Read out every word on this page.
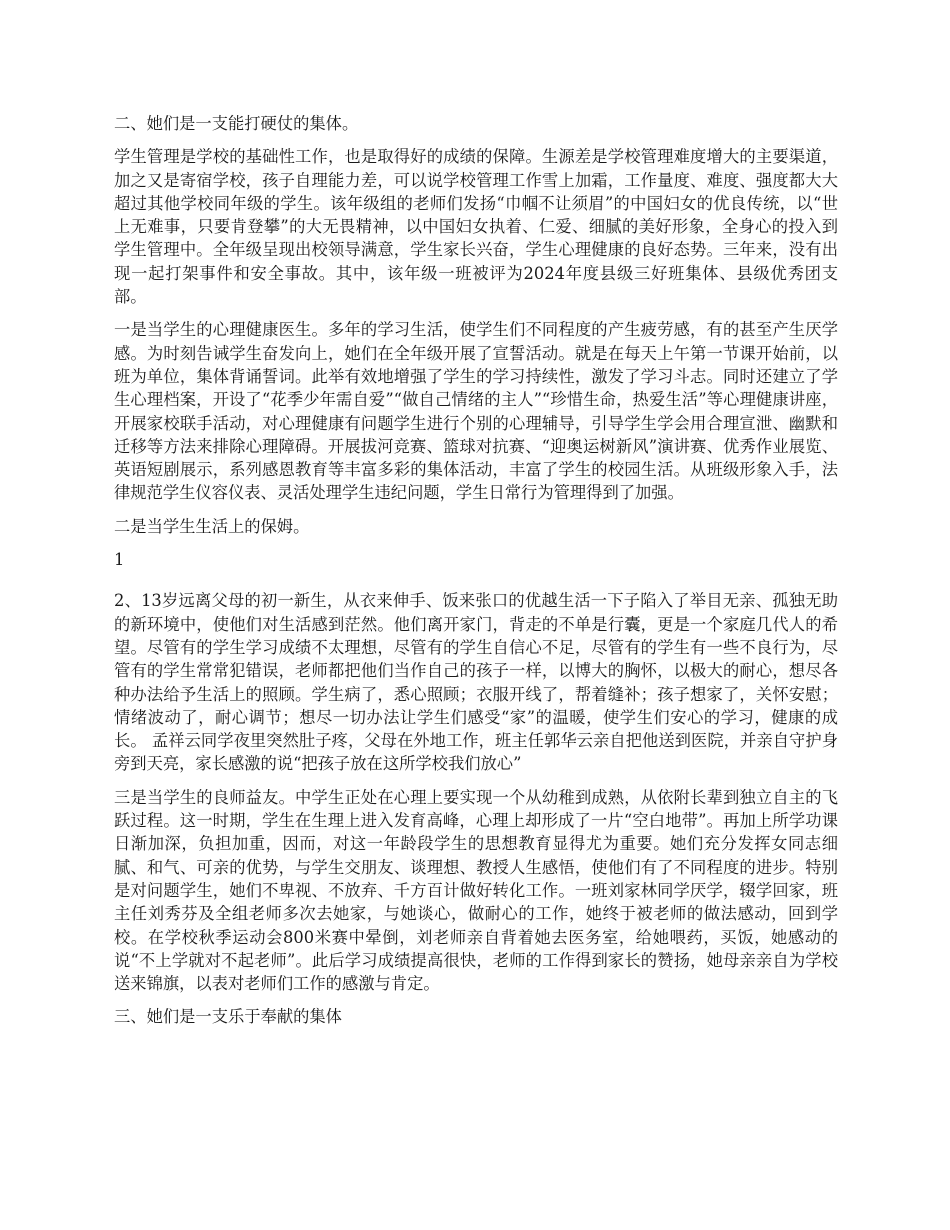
二、她们是一支能打硬仗的集体。

学生管理是学校的基础性工作，也是取得好的成绩的保障。生源差是学校管理难度增大的主要渠道，加之又是寄宿学校，孩子自理能力差，可以说学校管理工作雪上加霜，工作量度、难度、强度都大大超过其他学校同年级的学生。该年级组的老师们发扬“巾帼不让须眉”的中国妇女的优良传统，以“世上无难事，只要肯登攀”的大无畏精神，以中国妇女执着、仁爱、细腻的美好形象，全身心的投入到学生管理中。全年级呈现出校领导满意，学生家长兴奋，学生心理健康的良好态势。三年来，没有出现一起打架事件和安全事故。其中，该年级一班被评为2024年度县级三好班集体、县级优秀团支部。

一是当学生的心理健康医生。多年的学习生活，使学生们不同程度的产生疲劳感，有的甚至产生厌学感。为时刻告诫学生奋发向上，她们在全年级开展了宣誓活动。就是在每天上午第一节课开始前，以班为单位，集体背诵誓词。此举有效地增强了学生的学习持续性，激发了学习斗志。同时还建立了学生心理档案，开设了“花季少年需自爱”“做自己情绪的主人”“珍惜生命，热爱生活”等心理健康讲座，开展家校联手活动，对心理健康有问题学生进行个别的心理辅导，引导学生学会用合理宣泄、幽默和迁移等方法来排除心理障碍。开展拔河竞赛、篮球对抗赛、“迎奥运树新风”演讲赛、优秀作业展览、英语短剧展示，系列感恩教育等丰富多彩的集体活动，丰富了学生的校园生活。从班级形象入手，法律规范学生仪容仪表、灵活处理学生违纪问题，学生日常行为管理得到了加强。

二是当学生生活上的保姆。

1

2、13岁远离父母的初一新生，从衣来伸手、饭来张口的优越生活一下子陷入了举目无亲、孤独无助的新环境中，使他们对生活感到茫然。他们离开家门，背走的不单是行囊，更是一个家庭几代人的希望。尽管有的学生学习成绩不太理想，尽管有的学生自信心不足，尽管有的学生有一些不良行为，尽管有的学生常常犯错误，老师都把他们当作自己的孩子一样，以博大的胸怀，以极大的耐心，想尽各种办法给予生活上的照顾。学生病了，悉心照顾；衣服开线了，帮着缝补；孩子想家了，关怀安慰；情绪波动了，耐心调节；想尽一切办法让学生们感受“家”的温暖，使学生们安心的学习，健康的成长。 孟祥云同学夜里突然肚子疼，父母在外地工作，班主任郭华云亲自把他送到医院，并亲自守护身旁到天亮，家长感激的说“把孩子放在这所学校我们放心”

三是当学生的良师益友。中学生正处在心理上要实现一个从幼稚到成熟，从依附长辈到独立自主的飞跃过程。这一时期，学生在生理上进入发育高峰，心理上却形成了一片“空白地带”。再加上所学功课日渐加深，负担加重，因而，对这一年龄段学生的思想教育显得尤为重要。她们充分发挥女同志细腻、和气、可亲的优势，与学生交朋友、谈理想、教授人生感悟，使他们有了不同程度的进步。特别是对问题学生，她们不卑视、不放弃、千方百计做好转化工作。一班刘家林同学厌学，辍学回家，班主任刘秀芬及全组老师多次去她家，与她谈心，做耐心的工作，她终于被老师的做法感动，回到学校。在学校秋季运动会800米赛中晕倒，刘老师亲自背着她去医务室，给她喂药，买饭，她感动的说“不上学就对不起老师”。此后学习成绩提高很快，老师的工作得到家长的赞扬，她母亲亲自为学校送来锦旗，以表对老师们工作的感激与肯定。

三、她们是一支乐于奉献的集体
